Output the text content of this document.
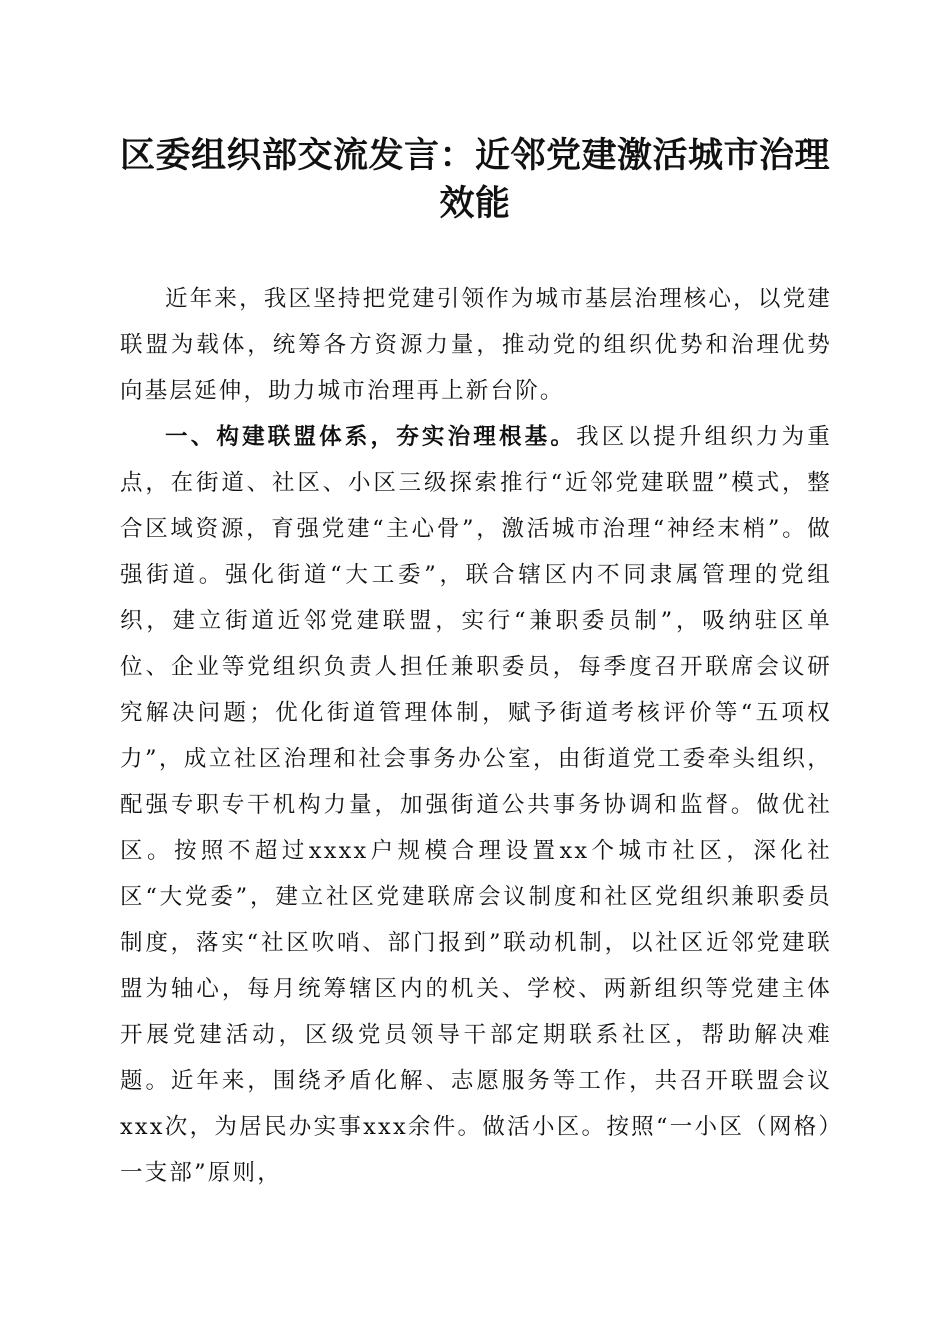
区委组织部交流发言：近邻党建激活城市治理
效能

近年来，我区坚持把党建引领作为城市基层治理核心，以党建联盟为载体，统筹各方资源力量，推动党的组织优势和治理优势向基层延伸，助力城市治理再上新台阶。

一、构建联盟体系，夯实治理根基。我区以提升组织力为重点，在街道、社区、小区三级探索推行“近邻党建联盟”模式，整合区域资源，育强党建“主心骨”，激活城市治理“神经末梢”。做强街道。强化街道“大工委”，联合辖区内不同隶属管理的党组织，建立街道近邻党建联盟，实行“兼职委员制”，吸纳驻区单位、企业等党组织负责人担任兼职委员，每季度召开联席会议研究解决问题；优化街道管理体制，赋予街道考核评价等“五项权力”，成立社区治理和社会事务办公室，由街道党工委牵头组织，配强专职专干机构力量，加强街道公共事务协调和监督。做优社区。按照不超过xxxx户规模合理设置xx个城市社区，深化社区“大党委”，建立社区党建联席会议制度和社区党组织兼职委员制度，落实“社区吹哨、部门报到”联动机制，以社区近邻党建联盟为轴心，每月统筹辖区内的机关、学校、两新组织等党建主体开展党建活动，区级党员领导干部定期联系社区，帮助解决难题。近年来，围绕矛盾化解、志愿服务等工作，共召开联盟会议xxx次，为居民办实事xxx余件。做活小区。按照“一小区（网格）一支部”原则，
